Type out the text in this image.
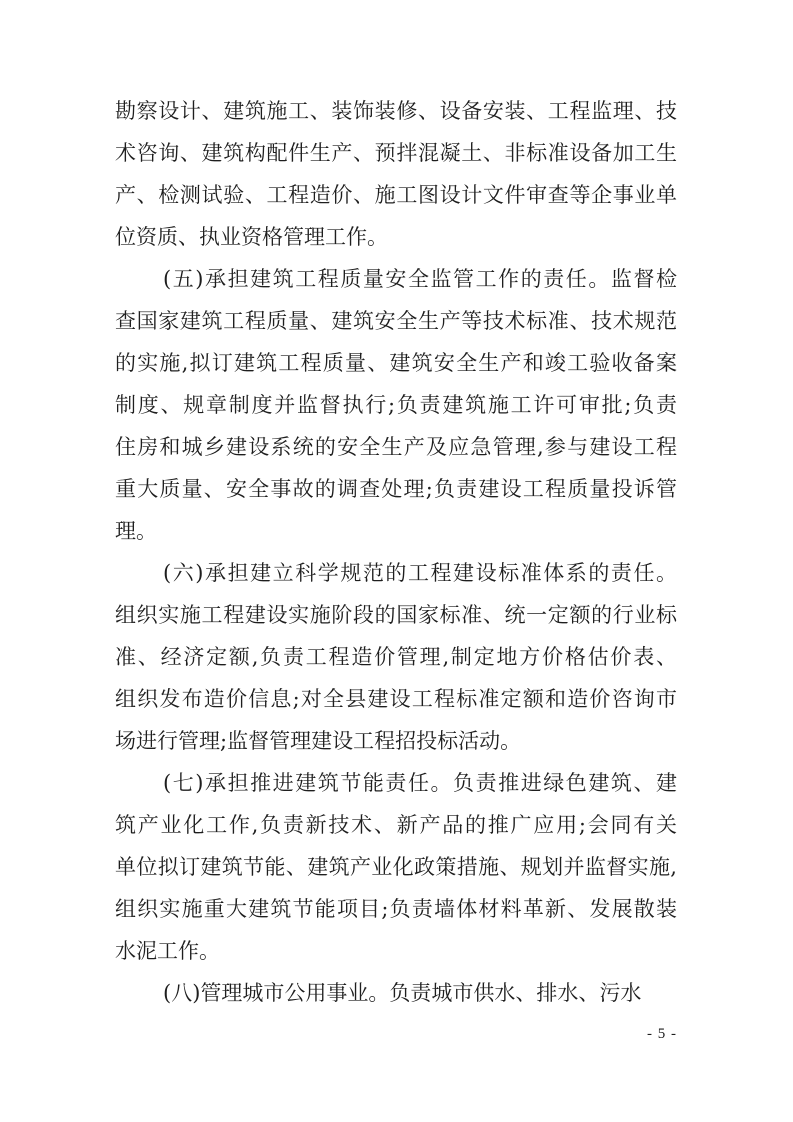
勘察设计、建筑施工、装饰装修、设备安装、工程监理、技
术咨询、建筑构配件生产、预拌混凝土、非标准设备加工生
产、检测试验、工程造价、施工图设计文件审查等企事业单
位资质、执业资格管理工作。
(五)承担建筑工程质量安全监管工作的责任。监督检
查国家建筑工程质量、建筑安全生产等技术标准、技术规范
的实施,拟订建筑工程质量、建筑安全生产和竣工验收备案
制度、规章制度并监督执行;负责建筑施工许可审批;负责
住房和城乡建设系统的安全生产及应急管理,参与建设工程
重大质量、安全事故的调查处理;负责建设工程质量投诉管
理。
(六)承担建立科学规范的工程建设标准体系的责任。
组织实施工程建设实施阶段的国家标准、统一定额的行业标
准、经济定额,负责工程造价管理,制定地方价格估价表、
组织发布造价信息;对全县建设工程标准定额和造价咨询市
场进行管理;监督管理建设工程招投标活动。
(七)承担推进建筑节能责任。负责推进绿色建筑、建
筑产业化工作,负责新技术、新产品的推广应用;会同有关
单位拟订建筑节能、建筑产业化政策措施、规划并监督实施,
组织实施重大建筑节能项目;负责墙体材料革新、发展散装
水泥工作。
(八)管理城市公用事业。负责城市供水、排水、污水
- 5 -
